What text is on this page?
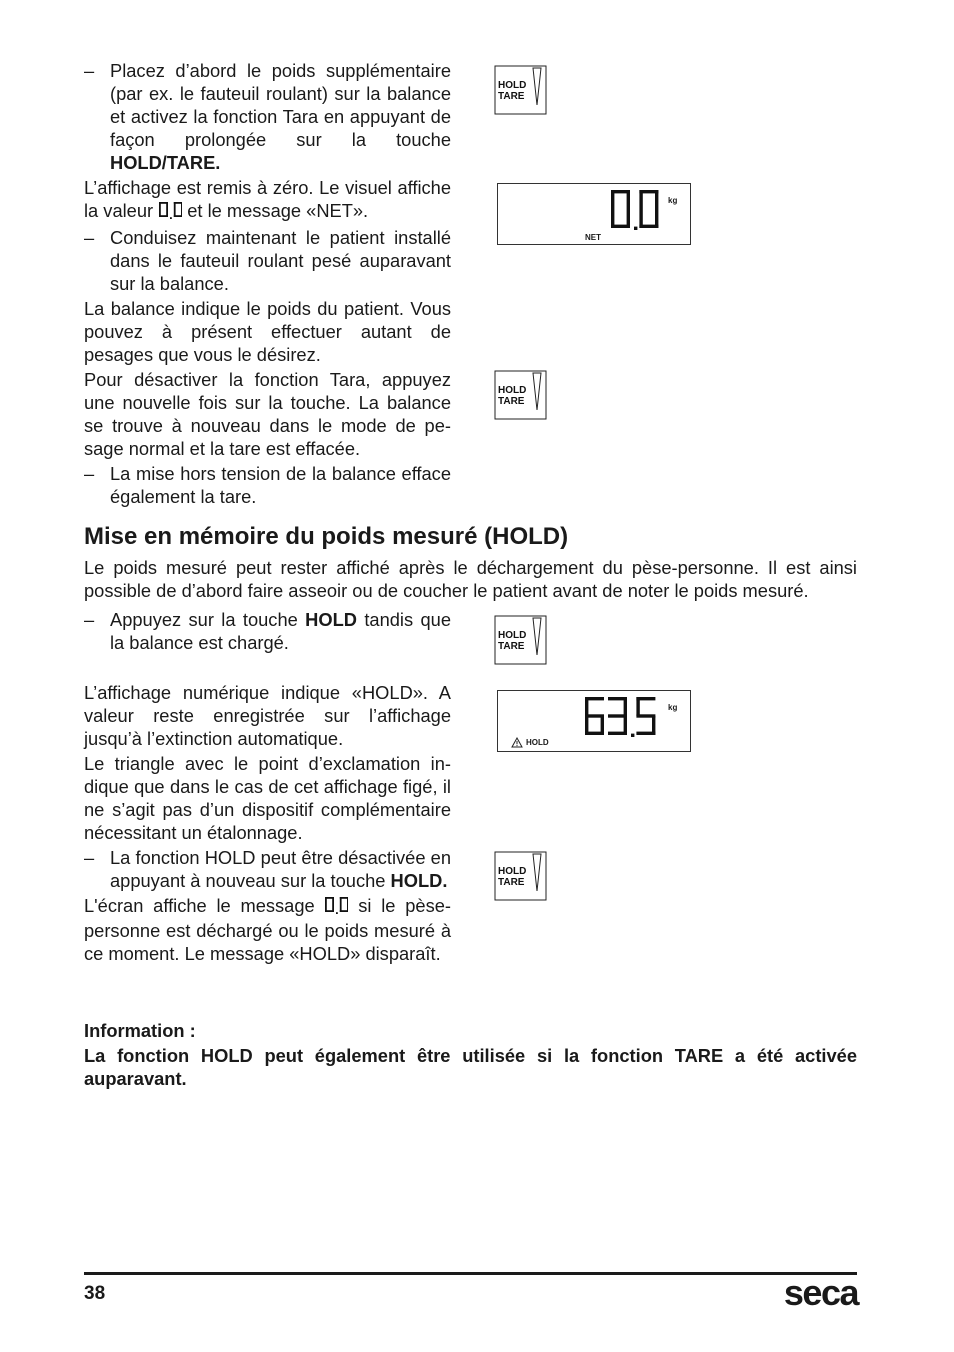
– Placez d’abord le poids supplémentaire (par ex. le fauteuil roulant) sur la balance et activez la fonction Tara en appuyant de façon prolongée sur la touche HOLD/TARE.
L’affichage est remis à zéro. Le visuel affiche la valeur  et le message «NET».
– Conduisez maintenant le patient installé dans le fauteuil roulant pesé auparavant sur la balance.
La balance indique le poids du patient. Vous pouvez à présent effectuer autant de pesages que vous le désirez.
Pour désactiver la fonction Tara, appuyez une nouvelle fois sur la touche. La balance se trouve à nouveau dans le mode de pesage normal et la tare est effacée.
– La mise hors tension de la balance efface également la tare.
Mise en mémoire du poids mesuré (HOLD)
Le poids mesuré peut rester affiché après le déchargement du pèse-personne. Il est ainsi possible de d’abord faire asseoir ou de coucher le patient avant de noter le poids mesuré.
– Appuyez sur la touche HOLD tandis que la balance est chargé.
L’affichage numérique indique «HOLD». A valeur reste enregistrée sur l’affichage jusqu’à l’extinction automatique.
Le triangle avec le point d’exclamation indique que dans le cas de cet affichage figé, il ne s’agit pas d’un dispositif complémentaire nécessitant un étalonnage.
– La fonction HOLD peut être désactivée en appuyant à nouveau sur la touche HOLD.
L'écran affiche le message  si le pèse-personne est déchargé ou le poids mesuré à ce moment. Le message «HOLD» disparaît.
Information :
La fonction HOLD peut également être utilisée si la fonction TARE a été activée auparavant.
HOLD
TARE
HOLD
TARE
HOLD
TARE
HOLD
TARE
kg
NET
kg
HOLD
38	seca
